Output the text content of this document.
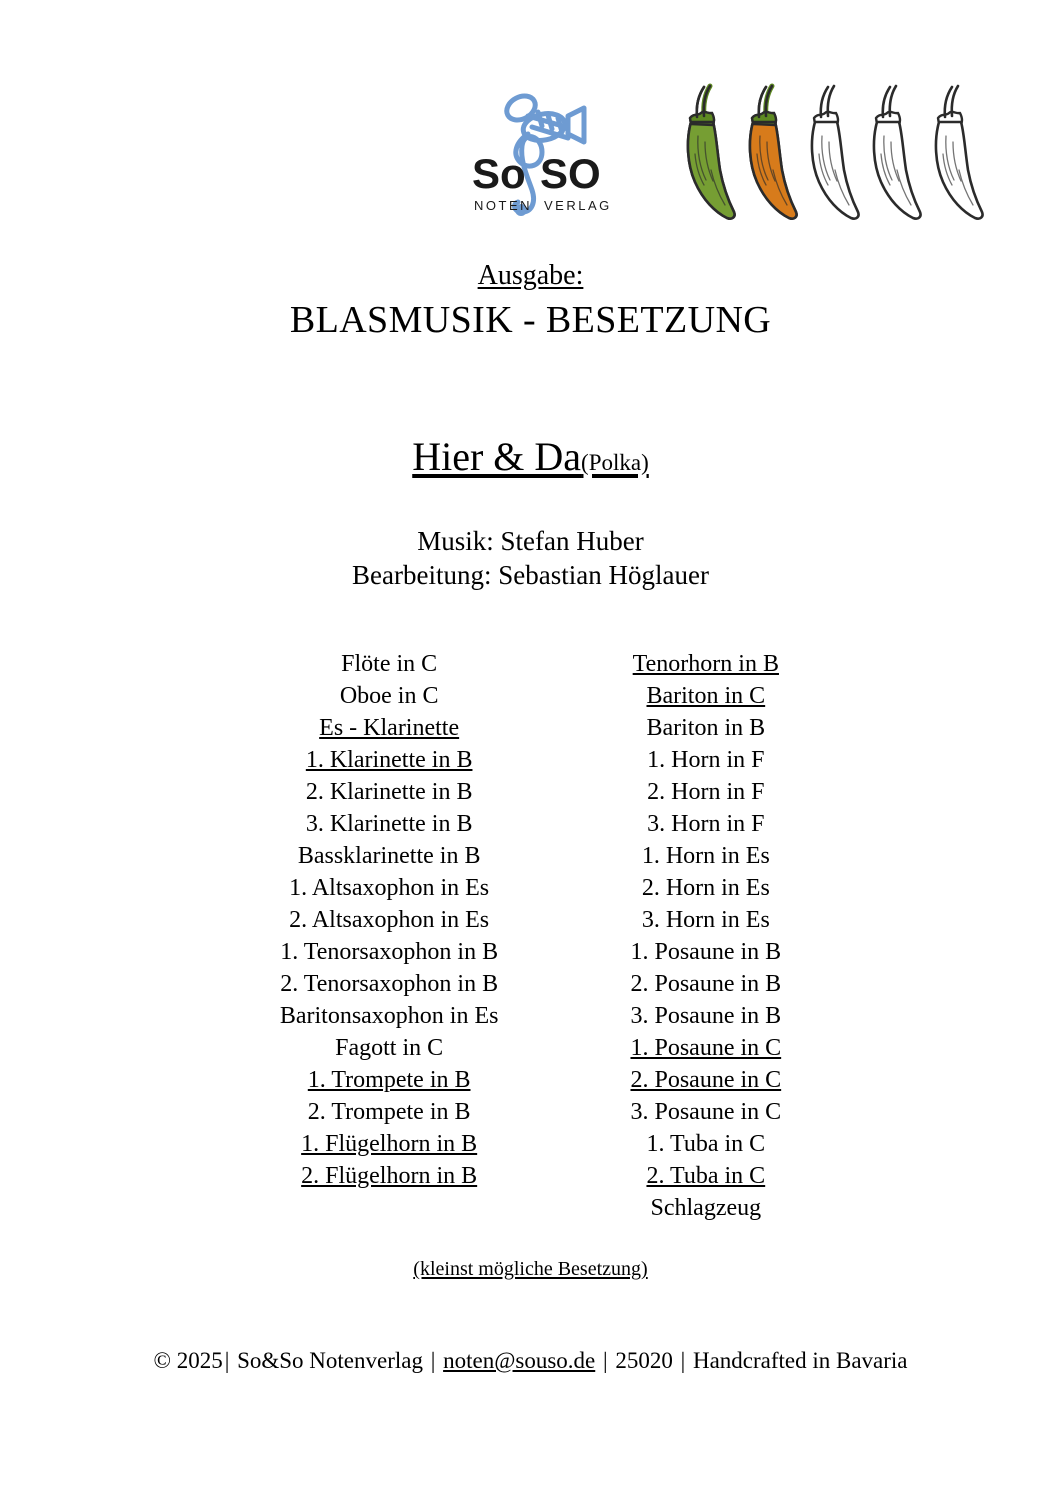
So SO
NOTEN VERLAG
Ausgabe:
BLASMUSIK - BESETZUNG
Hier & Da(Polka)
Musik: Stefan Huber
Bearbeitung: Sebastian Höglauer
Flöte in C
Oboe in C
Es - Klarinette
1. Klarinette in B
2. Klarinette in B
3. Klarinette in B
Bassklarinette in B
1. Altsaxophon in Es
2. Altsaxophon in Es
1. Tenorsaxophon in B
2. Tenorsaxophon in B
Baritonsaxophon in Es
Fagott in C
1. Trompete in B
2. Trompete in B
1. Flügelhorn in B
2. Flügelhorn in B
Tenorhorn in B
Bariton in C
Bariton in B
1. Horn in F
2. Horn in F
3. Horn in F
1. Horn in Es
2. Horn in Es
3. Horn in Es
1. Posaune in B
2. Posaune in B
3. Posaune in B
1. Posaune in C
2. Posaune in C
3. Posaune in C
1. Tuba in C
2. Tuba in C
Schlagzeug
(kleinst mögliche Besetzung)
© 2025| So&So Notenverlag | noten@souso.de | 25020 | Handcrafted in Bavaria
